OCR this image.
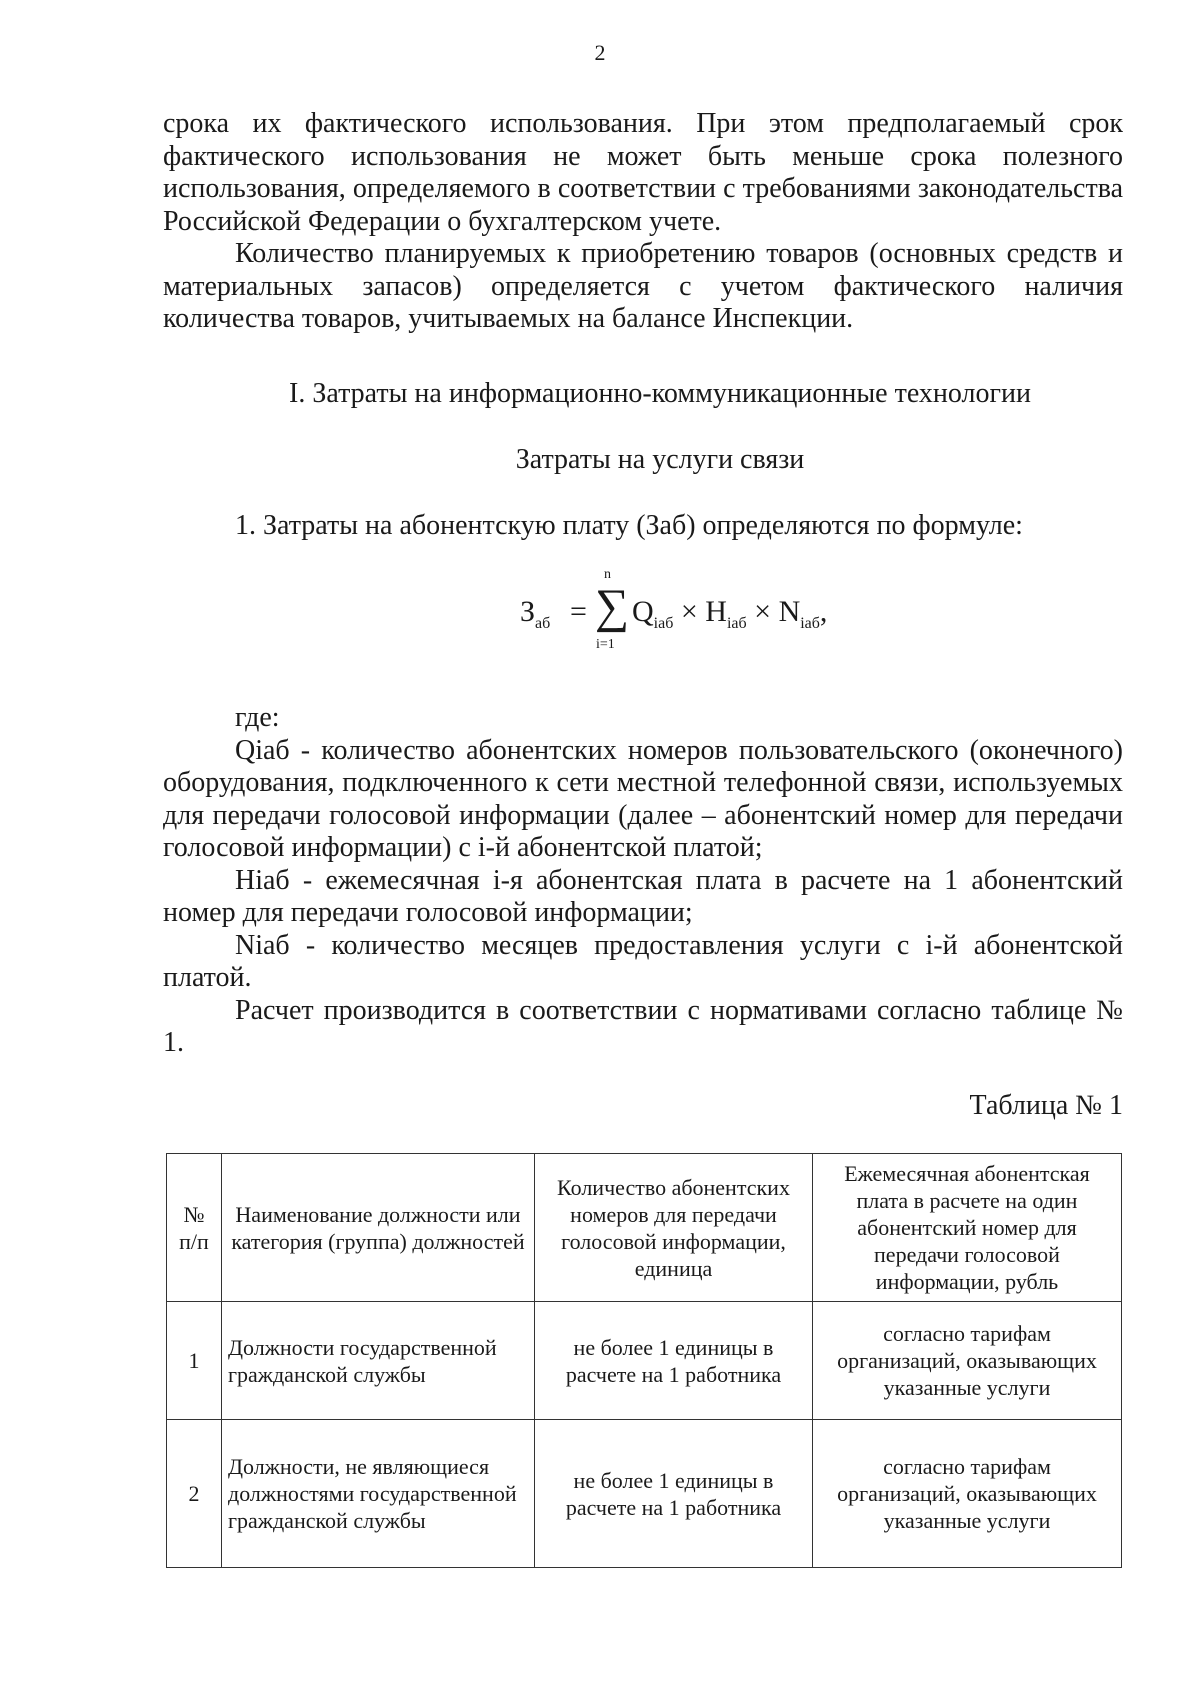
2

срока их фактического использования. При этом предполагаемый срок фактического использования не может быть меньше срока полезного использования, определяемого в соответствии с требованиями законодательства Российской Федерации о бухгалтерском учете.

Количество планируемых к приобретению товаров (основных средств и материальных запасов) определяется с учетом фактического наличия количества товаров, учитываемых на балансе Инспекции.

I. Затраты на информационно-коммуникационные технологии
Затраты на услуги связи
1. Затраты на абонентскую плату (Заб) определяются по формуле:
$З_{аб}$ =
n
∑
i=1
$Q_{iаб} \times Н_{iаб} \times N_{iаб}$,

где:

Qiаб - количество абонентских номеров пользовательского (оконечного) оборудования, подключенного к сети местной телефонной связи, используемых для передачи голосовой информации (далее – абонентский номер для передачи голосовой информации) с i-й абонентской платой;

Hiаб - ежемесячная i-я абонентская плата в расчете на 1 абонентский номер для передачи голосовой информации;

Niаб - количество месяцев предоставления услуги с i-й абонентской платой.

Расчет производится в соответствии с нормативами согласно таблице № 1.

Таблица № 1
№ п/п	Наименование должности или категория (группа) должностей	Количество абонентских номеров для передачи голосовой информации, единица	Ежемесячная абонентская плата в расчете на один абонентский номер для передачи голосовой информации, рубль
1	Должности государственной гражданской службы	не более 1 единицы в расчете на 1 работника	согласно тарифам организаций, оказывающих указанные услуги
2	Должности, не являющиеся должностями государственной гражданской службы	не более 1 единицы в расчете на 1 работника	согласно тарифам организаций, оказывающих указанные услуги
